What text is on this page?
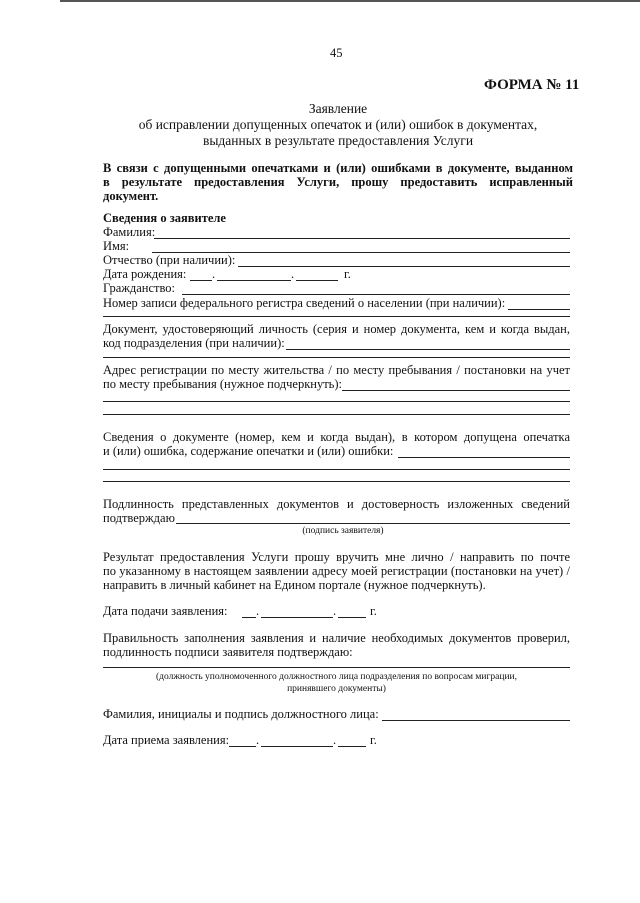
45
ФОРМА № 11
Заявление
об исправлении допущенных опечаток и (или) ошибок в документах,
выданных в результате предоставления Услуги
В связи с допущенными опечатками и (или) ошибками в документе, выданном
в результате предоставления Услуги, прошу предоставить исправленный
документ.
Сведения о заявителе
Фамилия:
Имя:
Отчество (при наличии):
Дата рождения: .	.	г.
Гражданство:
Номер записи федерального регистра сведений о населении (при наличии):
Документ, удостоверяющий личность (серия и номер документа, кем и когда выдан,
код подразделения (при наличии):
Адрес регистрации по месту жительства / по месту пребывания / постановки на учет
по месту пребывания (нужное подчеркнуть):
Сведения о документе (номер, кем и когда выдан), в котором допущена опечатка
и (или) ошибка, содержание опечатки и (или) ошибки:
Подлинность представленных документов и достоверность изложенных сведений
подтверждаю
(подпись заявителя)
Результат предоставления Услуги прошу вручить мне лично / направить по почте
по указанному в настоящем заявлении адресу моей регистрации (постановки на учет) /
направить в личный кабинет на Едином портале (нужное подчеркнуть).
Дата подачи заявления: .	.	г.
Правильность заполнения заявления и наличие необходимых документов проверил,
подлинность подписи заявителя подтверждаю:
(должность уполномоченного должностного лица подразделения по вопросам миграции,
принявшего документы)
Фамилия, инициалы и подпись должностного лица:
Дата приема заявления: .	.	г.
